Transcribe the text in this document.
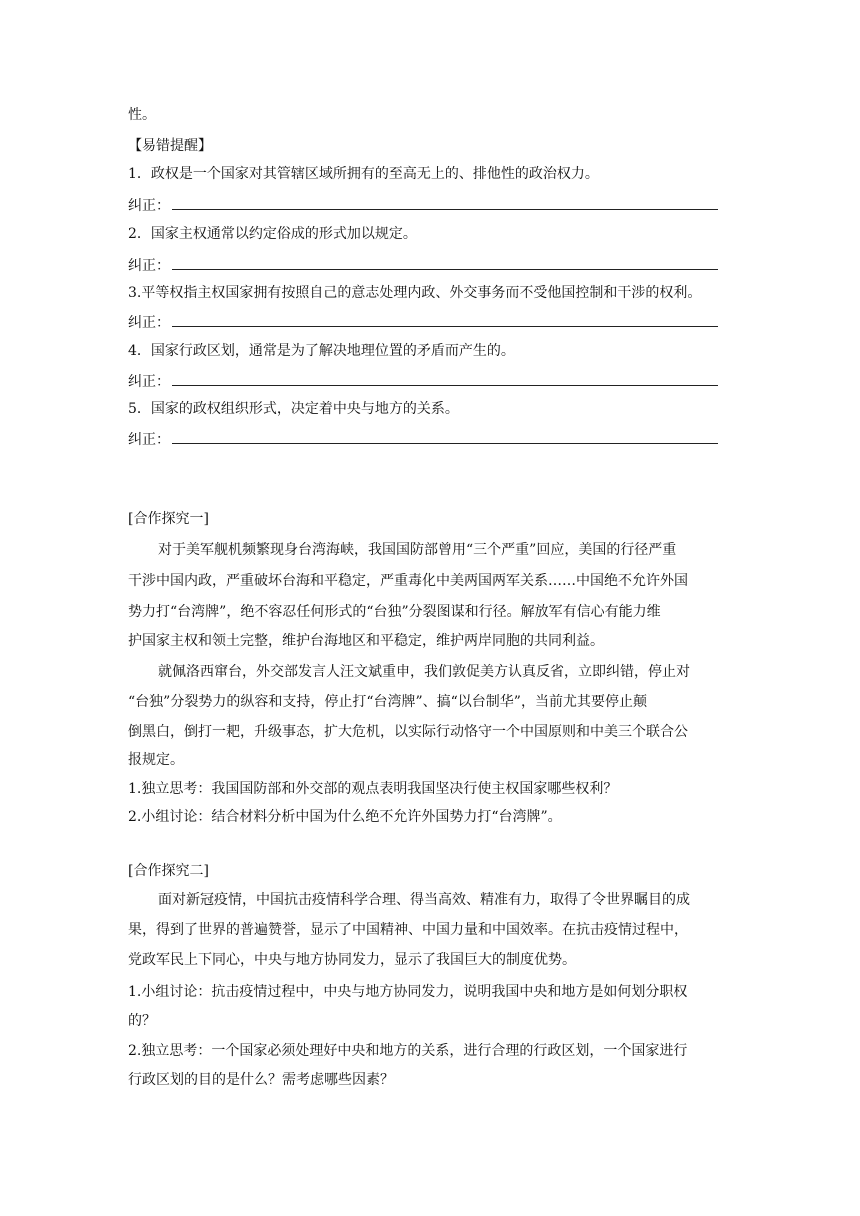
性。
【易错提醒】
1．政权是一个国家对其管辖区域所拥有的至高无上的、排他性的政治权力。
纠正：
2．国家主权通常以约定俗成的形式加以规定。
纠正：
3.平等权指主权国家拥有按照自己的意志处理内政、外交事务而不受他国控制和干涉的权利。
纠正：
4．国家行政区划，通常是为了解决地理位置的矛盾而产生的。
纠正：
5．国家的政权组织形式，决定着中央与地方的关系。
纠正：
[合作探究一]
对于美军舰机频繁现身台湾海峡，我国国防部曾用“三个严重”回应，美国的行径严重
干涉中国内政，严重破坏台海和平稳定，严重毒化中美两国两军关系……中国绝不允许外国
势力打“台湾牌”，绝不容忍任何形式的“台独”分裂图谋和行径。解放军有信心有能力维
护国家主权和领土完整，维护台海地区和平稳定，维护两岸同胞的共同利益。
就佩洛西窜台，外交部发言人汪文斌重申，我们敦促美方认真反省，立即纠错，停止对
“台独”分裂势力的纵容和支持，停止打“台湾牌”、搞“以台制华”，当前尤其要停止颠
倒黑白，倒打一耙，升级事态，扩大危机，以实际行动恪守一个中国原则和中美三个联合公
报规定。
1.独立思考：我国国防部和外交部的观点表明我国坚决行使主权国家哪些权利？
2.小组讨论：结合材料分析中国为什么绝不允许外国势力打“台湾牌”。
[合作探究二]
面对新冠疫情，中国抗击疫情科学合理、得当高效、精准有力，取得了令世界瞩目的成
果，得到了世界的普遍赞誉，显示了中国精神、中国力量和中国效率。在抗击疫情过程中，
党政军民上下同心，中央与地方协同发力，显示了我国巨大的制度优势。
1.小组讨论：抗击疫情过程中，中央与地方协同发力，说明我国中央和地方是如何划分职权
的？
2.独立思考：一个国家必须处理好中央和地方的关系，进行合理的行政区划，一个国家进行
行政区划的目的是什么？需考虑哪些因素？
